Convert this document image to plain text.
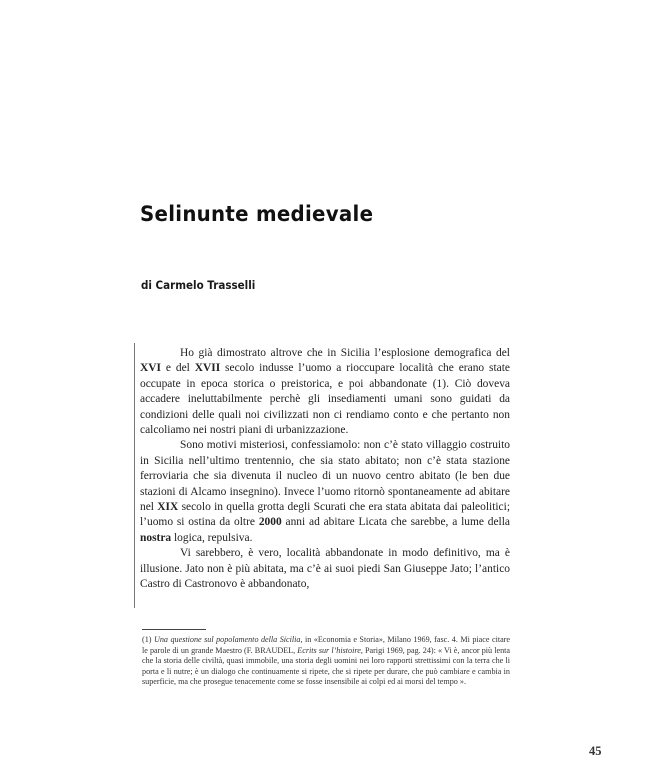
Selinunte medievale
di Carmelo Trasselli

Ho già dimostrato altrove che in Sicilia l’esplosione demografica del XVI e del XVII secolo indusse l’uomo a rioccupare località che erano state occupate in epoca storica o preistorica, e poi abbandonate (1). Ciò doveva accadere ineluttabilmente perchè gli insediamenti umani sono guidati da condizioni delle quali noi civilizzati non ci rendiamo conto e che pertanto non calcoliamo nei nostri piani di urbanizzazione.

Sono motivi misteriosi, confessiamolo: non c’è stato villaggio costruito in Sicilia nell’ultimo trentennio, che sia stato abitato; non c’è stata stazione ferroviaria che sia divenuta il nucleo di un nuovo centro abitato (le ben due stazioni di Alcamo insegnino). Invece l’uomo ritornò spontaneamente ad abitare nel XIX secolo in quella grotta degli Scurati che era stata abitata dai paleolitici; l’uomo si ostina da oltre 2000 anni ad abitare Licata che sarebbe, a lume della nostra logica, repulsiva.

Vi sarebbero, è vero, località abbandonate in modo definitivo, ma è illusione. Jato non è più abitata, ma c’è ai suoi piedi San Giuseppe Jato; l’antico Castro di Castronovo è abbandonato,

(1) Una questione sul popolamento della Sicilia, in «Economia e Storia», Milano 1969, fasc. 4. Mi piace citare le parole di un grande Maestro (F. BRAUDEL, Ecrits sur l’histoire, Parigi 1969, pag. 24): « Vi è, ancor più lenta che la storia delle civiltà, quasi immobile, una storia degli uomini nei loro rapporti strettissimi con la terra che li porta e li nutre; è un dialogo che continuamente si ripete, che si ripete per durare, che può cambiare e cambia in superficie, ma che prosegue tenacemente come se fosse insensibile ai colpi ed ai morsi del tempo ».
45
